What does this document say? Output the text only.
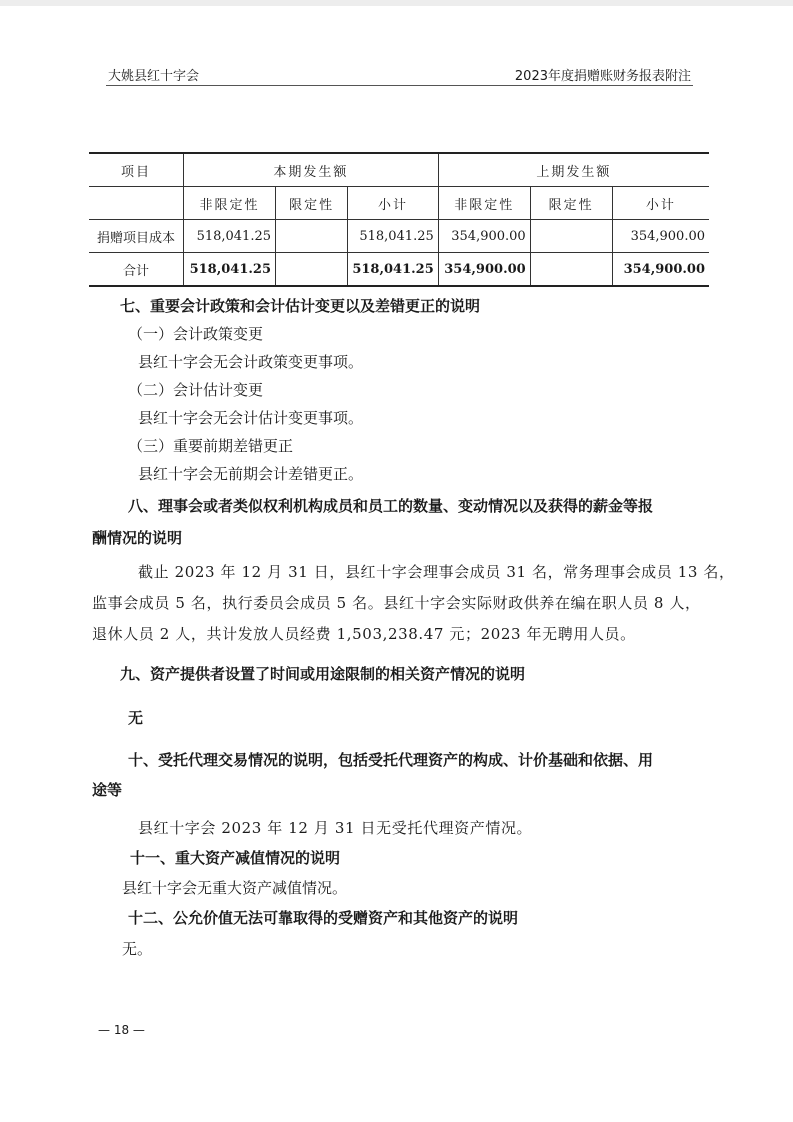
大姚县红十字会	2023年度捐赠账财务报表附注
项目	本期发生额			上期发生额		
	非限定性	限定性	小计	非限定性	限定性	小计
捐赠项目成本	518,041.25		518,041.25	354,900.00		354,900.00
合计	518,041.25		518,041.25	354,900.00		354,900.00
七、重要会计政策和会计估计变更以及差错更正的说明
（一）会计政策变更
县红十字会无会计政策变更事项。
（二）会计估计变更
县红十字会无会计估计变更事项。
（三）重要前期差错更正
县红十字会无前期会计差错更正。
八、理事会或者类似权利机构成员和员工的数量、变动情况以及获得的薪金等报
酬情况的说明
截止 2023 年 12 月 31 日，县红十字会理事会成员 31 名，常务理事会成员 13 名，
监事会成员 5 名，执行委员会成员 5 名。县红十字会实际财政供养在编在职人员 8 人，
退休人员 2 人，共计发放人员经费 1,503,238.47 元；2023 年无聘用人员。
九、资产提供者设置了时间或用途限制的相关资产情况的说明
无
十、受托代理交易情况的说明，包括受托代理资产的构成、计价基础和依据、用
途等
县红十字会 2023 年 12 月 31 日无受托代理资产情况。
十一、重大资产减值情况的说明
县红十字会无重大资产减值情况。
十二、公允价值无法可靠取得的受赠资产和其他资产的说明
无。
— 18 —
